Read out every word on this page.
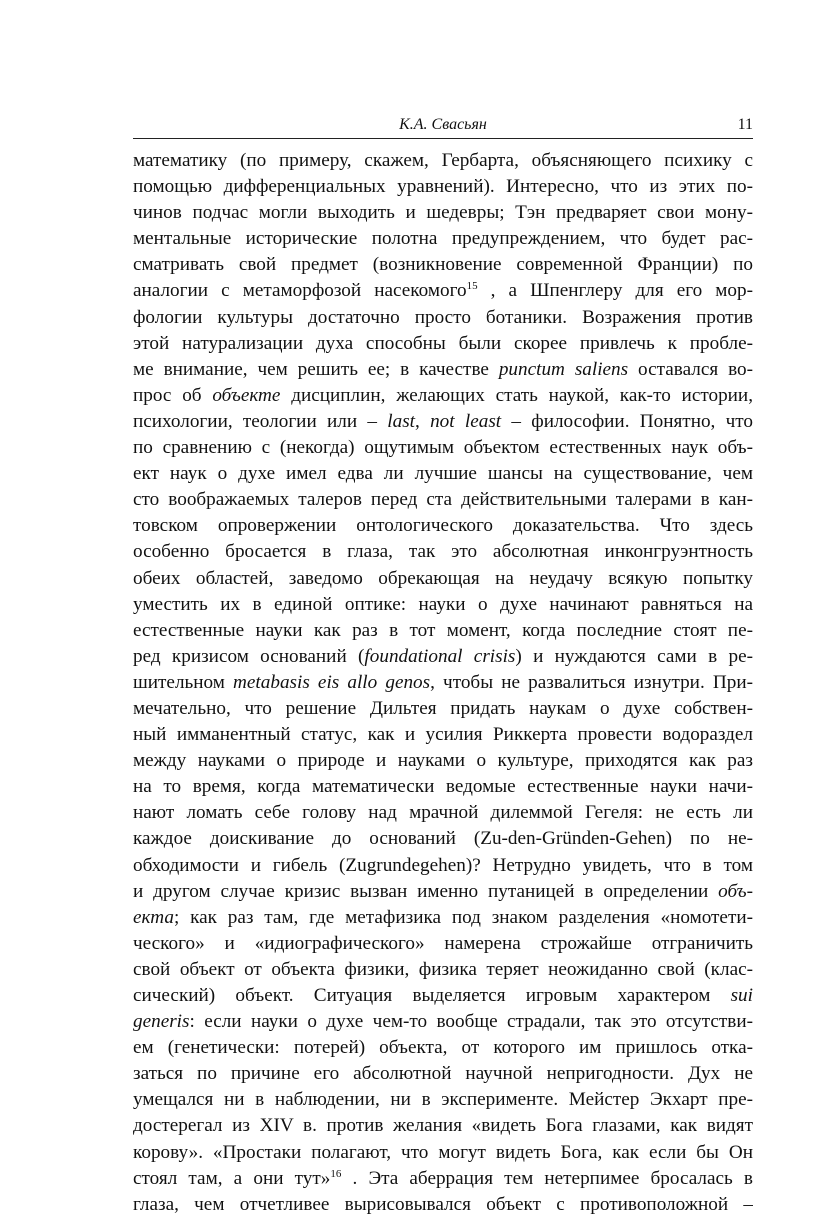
К.А. Свасьян	11
математику (по примеру, скажем, Гербарта, объясняющего психику с
помощью дифференциальных уравнений). Интересно, что из этих по-
чинов подчас могли выходить и шедевры; Тэн предваряет свои мону-
ментальные исторические полотна предупреждением, что будет рас-
сматривать свой предмет (возникновение современной Франции) по
аналогии с метаморфозой насекомого$^{15}$ , а Шпенглеру для его мор-
фологии культуры достаточно просто ботаники. Возражения против
этой натурализации духа способны были скорее привлечь к пробле-
ме внимание, чем решить ее; в качестве punctum saliens оставался во-
прос об объекте дисциплин, желающих стать наукой, как-то истории,
психологии, теологии или – last, not least – философии. Понятно, что
по сравнению с (некогда) ощутимым объектом естественных наук объ-
ект наук о духе имел едва ли лучшие шансы на существование, чем
сто воображаемых талеров перед ста действительными талерами в кан-
товском опровержении онтологического доказательства. Что здесь
особенно бросается в глаза, так это абсолютная инконгруэнтность
обеих областей, заведомо обрекающая на неудачу всякую попытку
уместить их в единой оптике: науки о духе начинают равняться на
естественные науки как раз в тот момент, когда последние стоят пе-
ред кризисом оснований (foundational crisis) и нуждаются сами в ре-
шительном metabasis eis allo genos, чтобы не развалиться изнутри. При-
мечательно, что решение Дильтея придать наукам о духе собствен-
ный имманентный статус, как и усилия Риккерта провести водораздел
между науками о природе и науками о культуре, приходятся как раз
на то время, когда математически ведомые естественные науки начи-
нают ломать себе голову над мрачной дилеммой Гегеля: не есть ли
каждое доискивание до оснований (Zu-den-Gründen-Gehen) по не-
обходимости и гибель (Zugrundegehen)? Нетрудно увидеть, что в том
и другом случае кризис вызван именно путаницей в определении объ-
екта; как раз там, где метафизика под знаком разделения «номотети-
ческого» и «идиографического» намерена строжайше отграничить
свой объект от объекта физики, физика теряет неожиданно свой (клас-
сический) объект. Ситуация выделяется игровым характером sui
generis: если науки о духе чем-то вообще страдали, так это отсутстви-
ем (генетически: потерей) объекта, от которого им пришлось отка-
заться по причине его абсолютной научной непригодности. Дух не
умещался ни в наблюдении, ни в эксперименте. Мейстер Экхарт пре-
достерегал из XIV в. против желания «видеть Бога глазами, как видят
корову». «Простаки полагают, что могут видеть Бога, как если бы Он
стоял там, а они тут»$^{16}$ . Эта аберрация тем нетерпимее бросалась в
глаза, чем отчетливее вырисовывался объект с противоположной –
